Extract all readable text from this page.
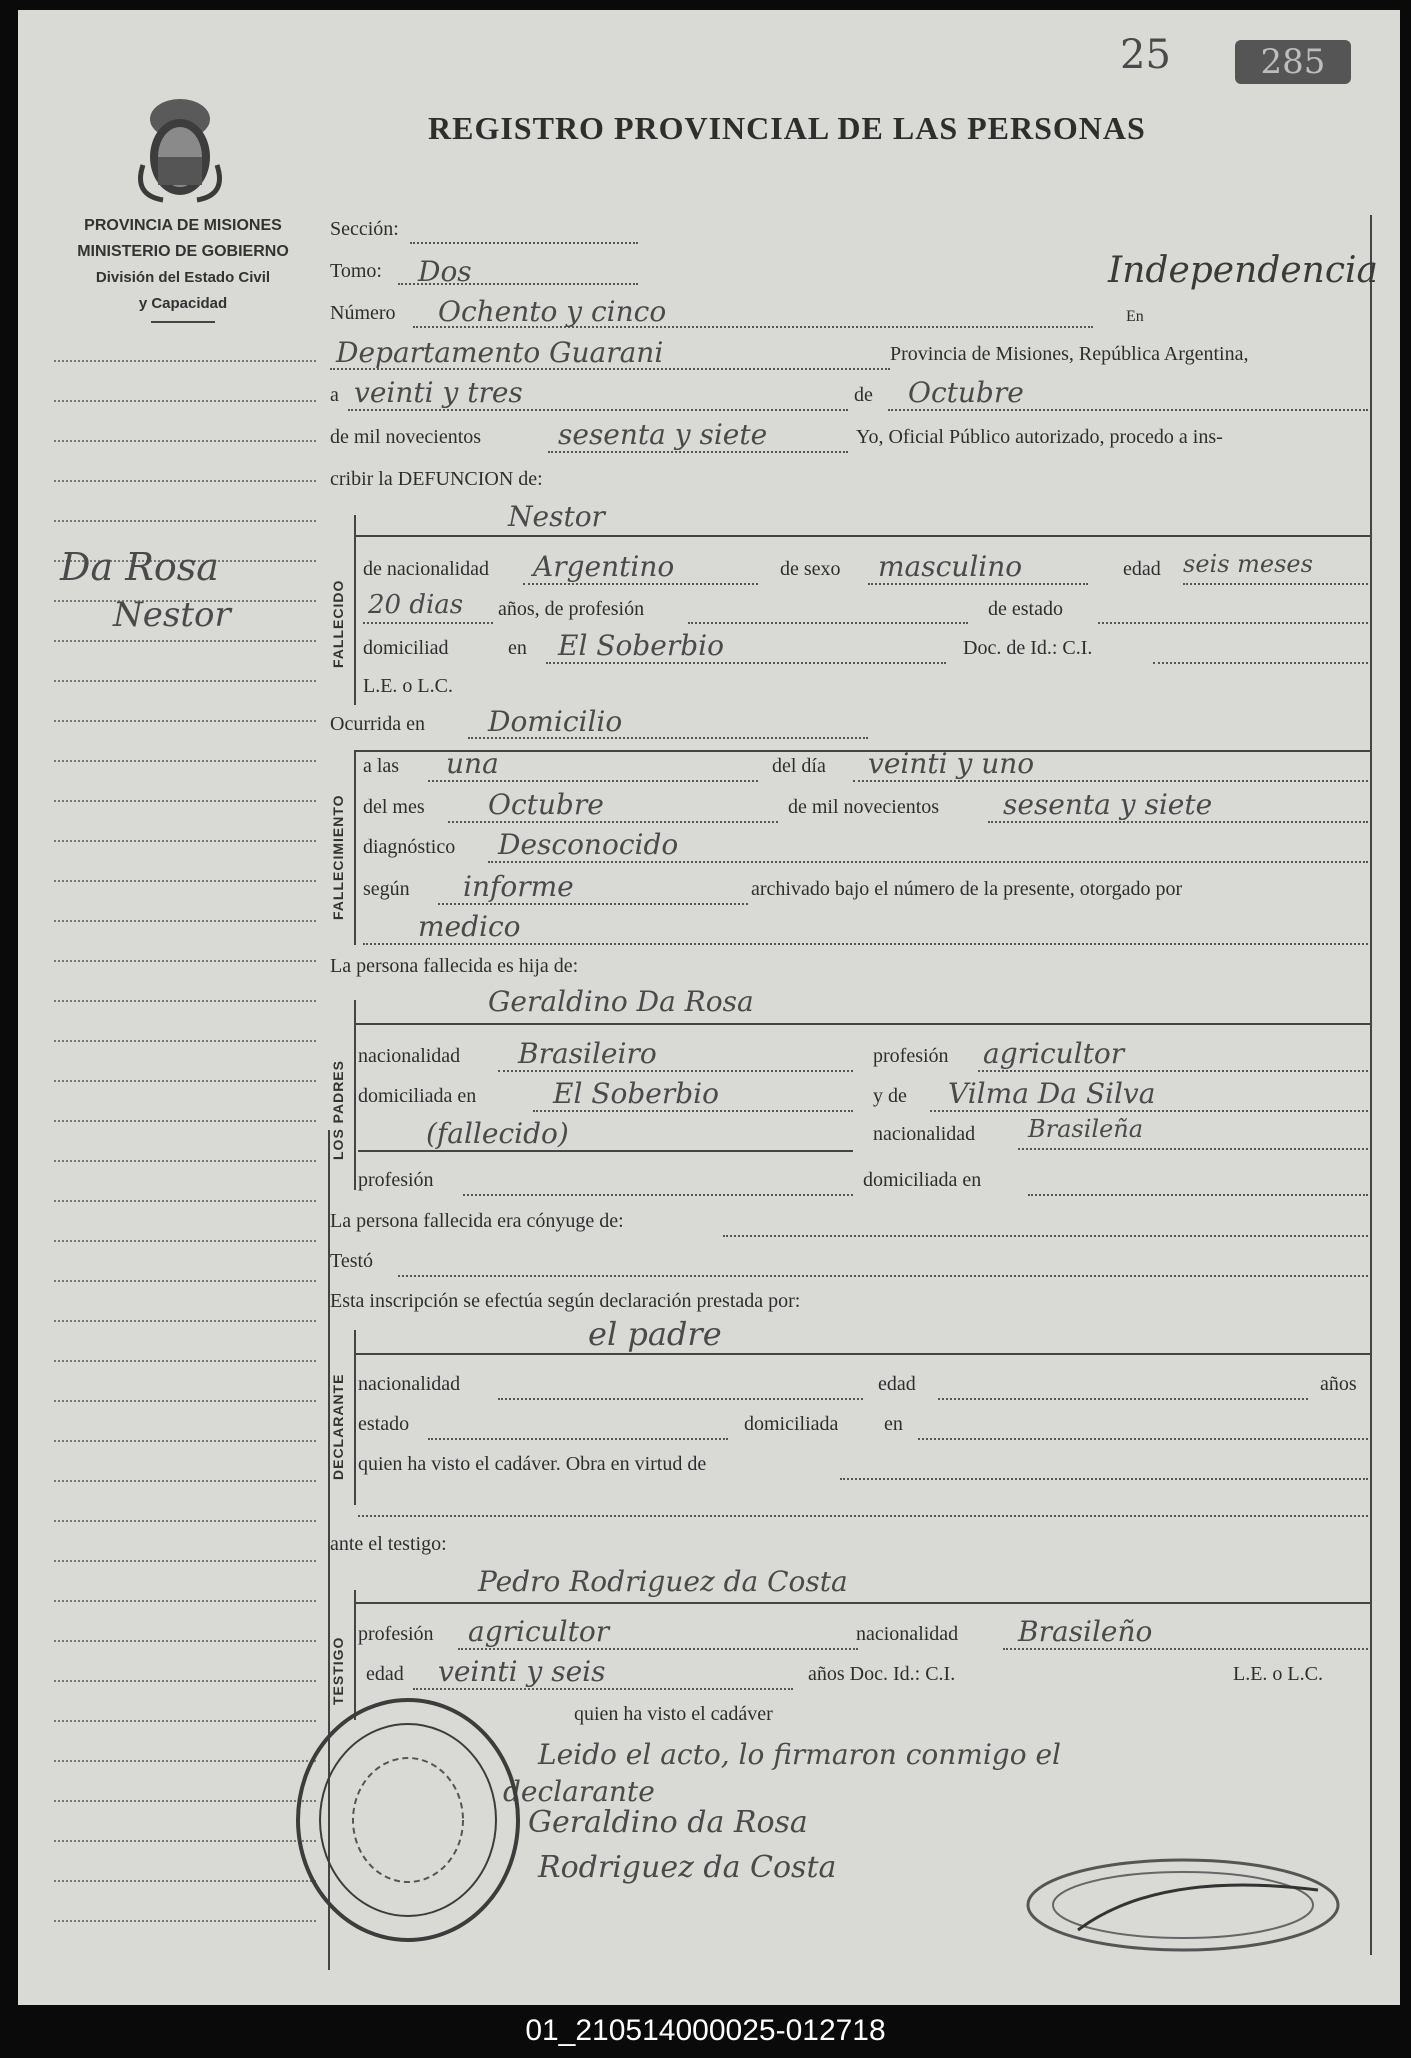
25	285
REGISTRO PROVINCIAL DE LAS PERSONAS
PROVINCIA DE MISIONES
MINISTERIO DE GOBIERNO
División del Estado Civil
y Capacidad
Da Rosa
Nestor
Sección:
Tomo: Dos
Número Ochento y cinco	En
Independencia
Departamento Guarani	Provincia de Misiones, República Argentina,
a veinti y tres	de Octubre
de mil novecientos	sesenta y siete	Yo, Oficial Público autorizado, procedo a ins-
cribir la DEFUNCION de:
FALLECIDO
Nestor
de nacionalidad Argentino	de sexo masculino	edad seis meses
20 dias años, de profesión	de estado
domiciliad	en El Soberbio	Doc. de Id.: C.I.
L.E. o L.C.
Ocurrida en Domicilio
FALLECIMIENTO
a las una	del día veinti y uno
del mes Octubre	de mil novecientos sesenta y siete
diagnóstico Desconocido
según informe	archivado bajo el número de la presente, otorgado por
medico
La persona fallecida es hija de:
LOS PADRES
Geraldino Da Rosa
nacionalidad Brasileiro	profesión agricultor
domiciliada en	El Soberbio	y de Vilma Da Silva
(fallecido)	nacionalidad Brasileña
profesión	domiciliada en
La persona fallecida era cónyuge de:
Testó
Esta inscripción se efectúa según declaración prestada por:
DECLARANTE
el padre
nacionalidad	edad	años
estado	domiciliada en
quien ha visto el cadáver. Obra en virtud de
ante el testigo:
TESTIGO
Pedro Rodriguez da Costa
profesión agricultor	nacionalidad Brasileño
edad veinti y seis	años Doc. Id.: C.I.	L.E. o L.C.
quien ha visto el cadáver
Leido el acto, lo firmaron conmigo el
declarante
Geraldino da Rosa
Rodriguez da Costa
01_210514000025-012718
